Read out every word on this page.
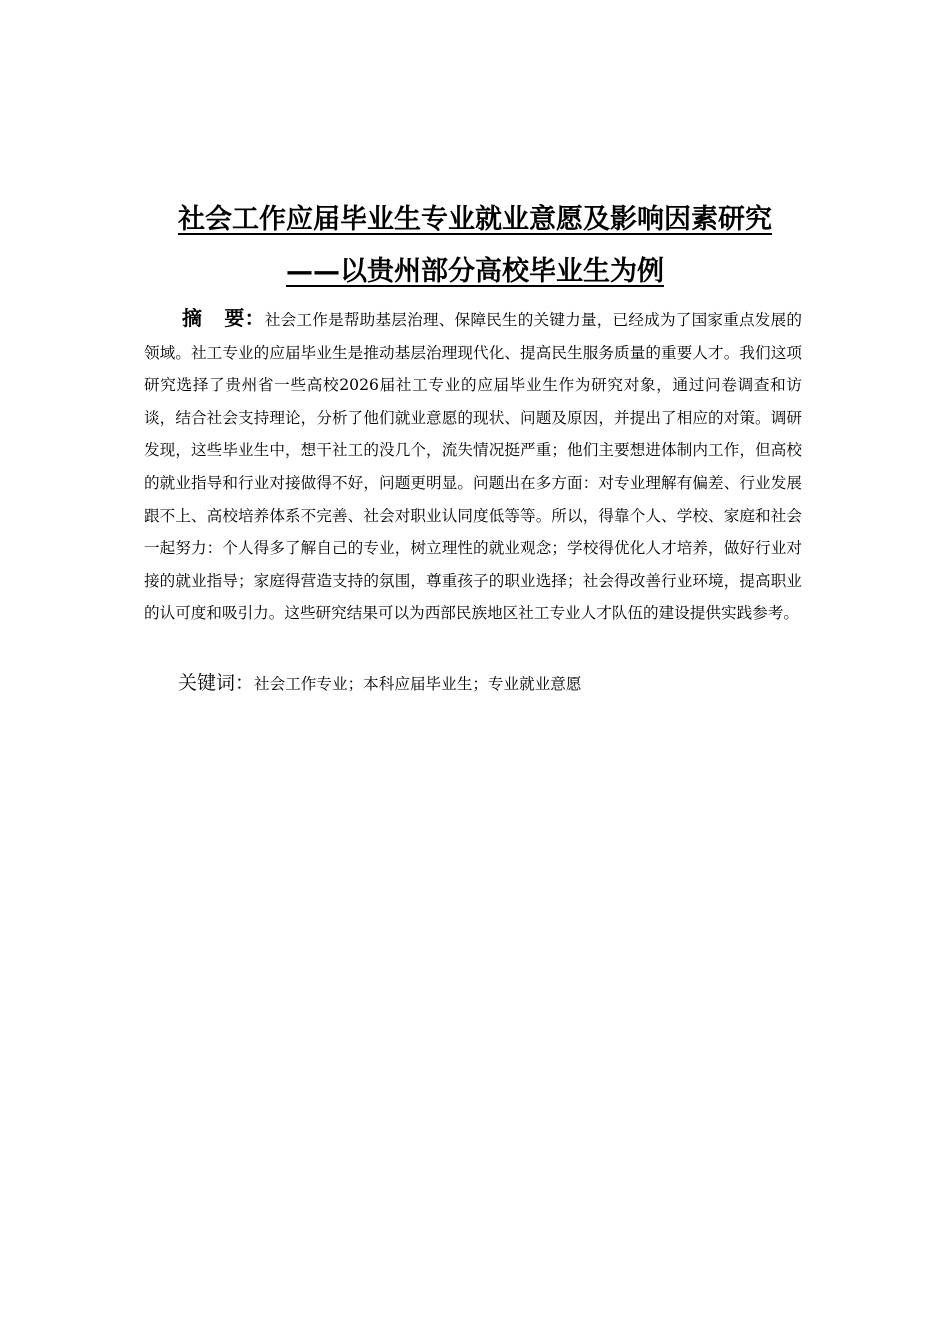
社会工作应届毕业生专业就业意愿及影响因素研究
——以贵州部分高校毕业生为例
摘 要：社会工作是帮助基层治理、保障民生的关键力量，已经成为了国家重点发展的领域。社工专业的应届毕业生是推动基层治理现代化、提高民生服务质量的重要人才。我们这项研究选择了贵州省一些高校2026届社工专业的应届毕业生作为研究对象，通过问卷调查和访谈，结合社会支持理论，分析了他们就业意愿的现状、问题及原因，并提出了相应的对策。调研发现，这些毕业生中，想干社工的没几个，流失情况挺严重；他们主要想进体制内工作，但高校的就业指导和行业对接做得不好，问题更明显。问题出在多方面：对专业理解有偏差、行业发展跟不上、高校培养体系不完善、社会对职业认同度低等等。所以，得靠个人、学校、家庭和社会一起努力：个人得多了解自己的专业，树立理性的就业观念；学校得优化人才培养，做好行业对接的就业指导；家庭得营造支持的氛围，尊重孩子的职业选择；社会得改善行业环境，提高职业的认可度和吸引力。这些研究结果可以为西部民族地区社工专业人才队伍的建设提供实践参考。
关键词：社会工作专业；本科应届毕业生；专业就业意愿
